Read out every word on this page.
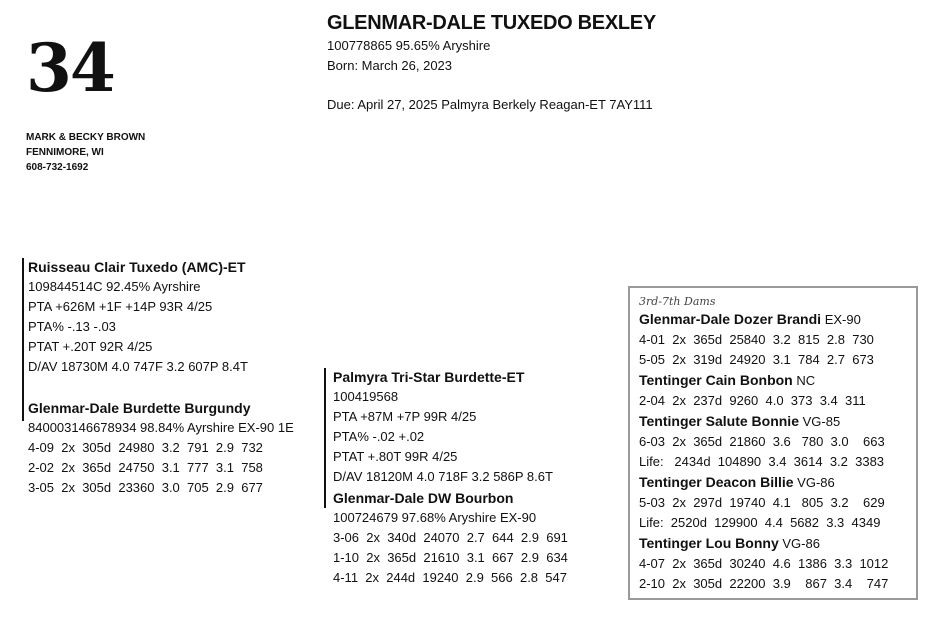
34
MARK & BECKY BROWN
FENNIMORE, WI
608-732-1692
GLENMAR-DALE TUXEDO BEXLEY
100778865 95.65% Aryshire
Born: March 26, 2023
Due: April 27, 2025 Palmyra Berkely Reagan-ET 7AY111
Ruisseau Clair Tuxedo (AMC)-ET
109844514C 92.45% Ayrshire
PTA +626M +1F +14P 93R 4/25
PTA% -.13 -.03
PTAT +.20T 92R 4/25
D/AV 18730M 4.0 747F 3.2 607P 8.4T
Glenmar-Dale Burdette Burgundy
840003146678934 98.84% Ayrshire EX-90 1E
4-09  2x  305d  24980  3.2  791  2.9  732
2-02  2x  365d  24750  3.1  777  3.1  758
3-05  2x  305d  23360  3.0  705  2.9  677
Palmyra Tri-Star Burdette-ET
100419568
PTA +87M +7P 99R 4/25
PTA% -.02 +.02
PTAT +.80T 99R 4/25
D/AV 18120M 4.0 718F 3.2 586P 8.6T
Glenmar-Dale DW Bourbon
100724679 97.68% Aryshire EX-90
3-06  2x  340d  24070  2.7  644  2.9  691
1-10  2x  365d  21610  3.1  667  2.9  634
4-11  2x  244d  19240  2.9  566  2.8  547
3rd-7th Dams
Glenmar-Dale Dozer Brandi EX-90
4-01  2x  365d  25840  3.2  815  2.8  730
5-05  2x  319d  24920  3.1  784  2.7  673
Tentinger Cain Bonbon NC
2-04  2x  237d  9260  4.0  373  3.4  311
Tentinger Salute Bonnie VG-85
6-03  2x  365d  21860  3.6   780  3.0    663
Life:   2434d  104890  3.4  3614  3.2  3383
Tentinger Deacon Billie VG-86
5-03  2x  297d  19740  4.1   805  3.2    629
Life:  2520d  129900  4.4  5682  3.3  4349
Tentinger Lou Bonny VG-86
4-07  2x  365d  30240  4.6  1386  3.3  1012
2-10  2x  305d  22200  3.9    867  3.4    747
